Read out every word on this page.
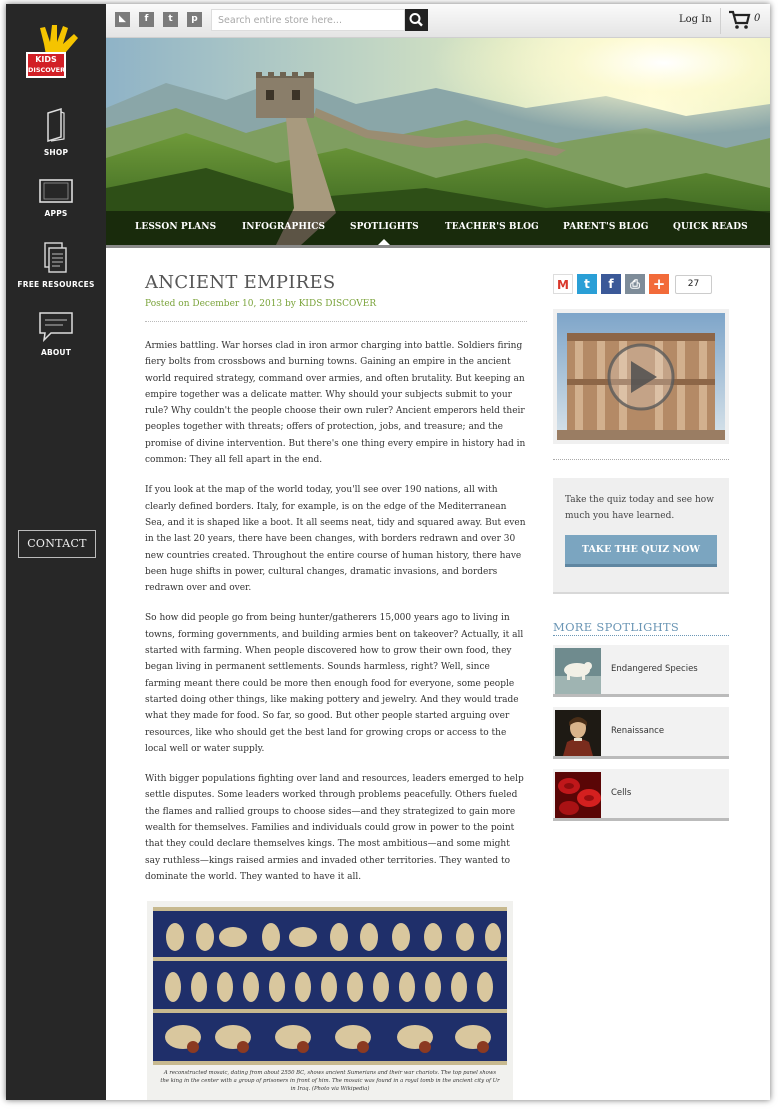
KIDS
DISCOVER
SHOP
APPS
FREE RESOURCES
ABOUT
CONTACT
◣	f	t	p
Search entire store here...	Log In	0
LESSON PLANS	INFOGRAPHICS	SPOTLIGHTS	TEACHER'S BLOG	PARENT'S BLOG	QUICK READS
ANCIENT EMPIRES
Posted on December 10, 2013 by KIDS DISCOVER

Armies battling. War horses clad in iron armor charging into battle. Soldiers firing fiery bolts from crossbows and burning towns. Gaining an empire in the ancient world required strategy, command over armies, and often brutality. But keeping an empire together was a delicate matter. Why should your subjects submit to your rule? Why couldn't the people choose their own ruler? Ancient emperors held their peoples together with threats; offers of protection, jobs, and treasure; and the promise of divine intervention. But there's one thing every empire in history had in common: They all fell apart in the end.

If you look at the map of the world today, you'll see over 190 nations, all with clearly defined borders. Italy, for example, is on the edge of the Mediterranean Sea, and it is shaped like a boot. It all seems neat, tidy and squared away. But even in the last 20 years, there have been changes, with borders redrawn and over 30 new countries created. Throughout the entire course of human history, there have been huge shifts in power, cultural changes, dramatic invasions, and borders redrawn over and over.

So how did people go from being hunter/gatherers 15,000 years ago to living in towns, forming governments, and building armies bent on takeover? Actually, it all started with farming. When people discovered how to grow their own food, they began living in permanent settlements. Sounds harmless, right? Well, since farming meant there could be more then enough food for everyone, some people started doing other things, like making pottery and jewelry. And they would trade what they made for food. So far, so good. But other people started arguing over resources, like who should get the best land for growing crops or access to the local well or water supply.

With bigger populations fighting over land and resources, leaders emerged to help settle disputes. Some leaders worked through problems peacefully. Others fueled the flames and rallied groups to choose sides—and they strategized to gain more wealth for themselves. Families and individuals could grow in power to the point that they could declare themselves kings. The most ambitious—and some might say ruthless—kings raised armies and invaded other territories. They wanted to dominate the world. They wanted to have it all.

A reconstructed mosaic, dating from about 2550 BC, shows ancient Sumerians and their war chariots. The top panel shows the king in the center with a group of prisoners in front of him. The mosaic was found in a royal tomb in the ancient city of Ur in Iraq. (Photo via Wikipedia)

M	t	f	⎙ +	27
Take the quiz today and see how much you have learned.
TAKE THE QUIZ NOW
MORE SPOTLIGHTS
Endangered Species
Renaissance
Cells
